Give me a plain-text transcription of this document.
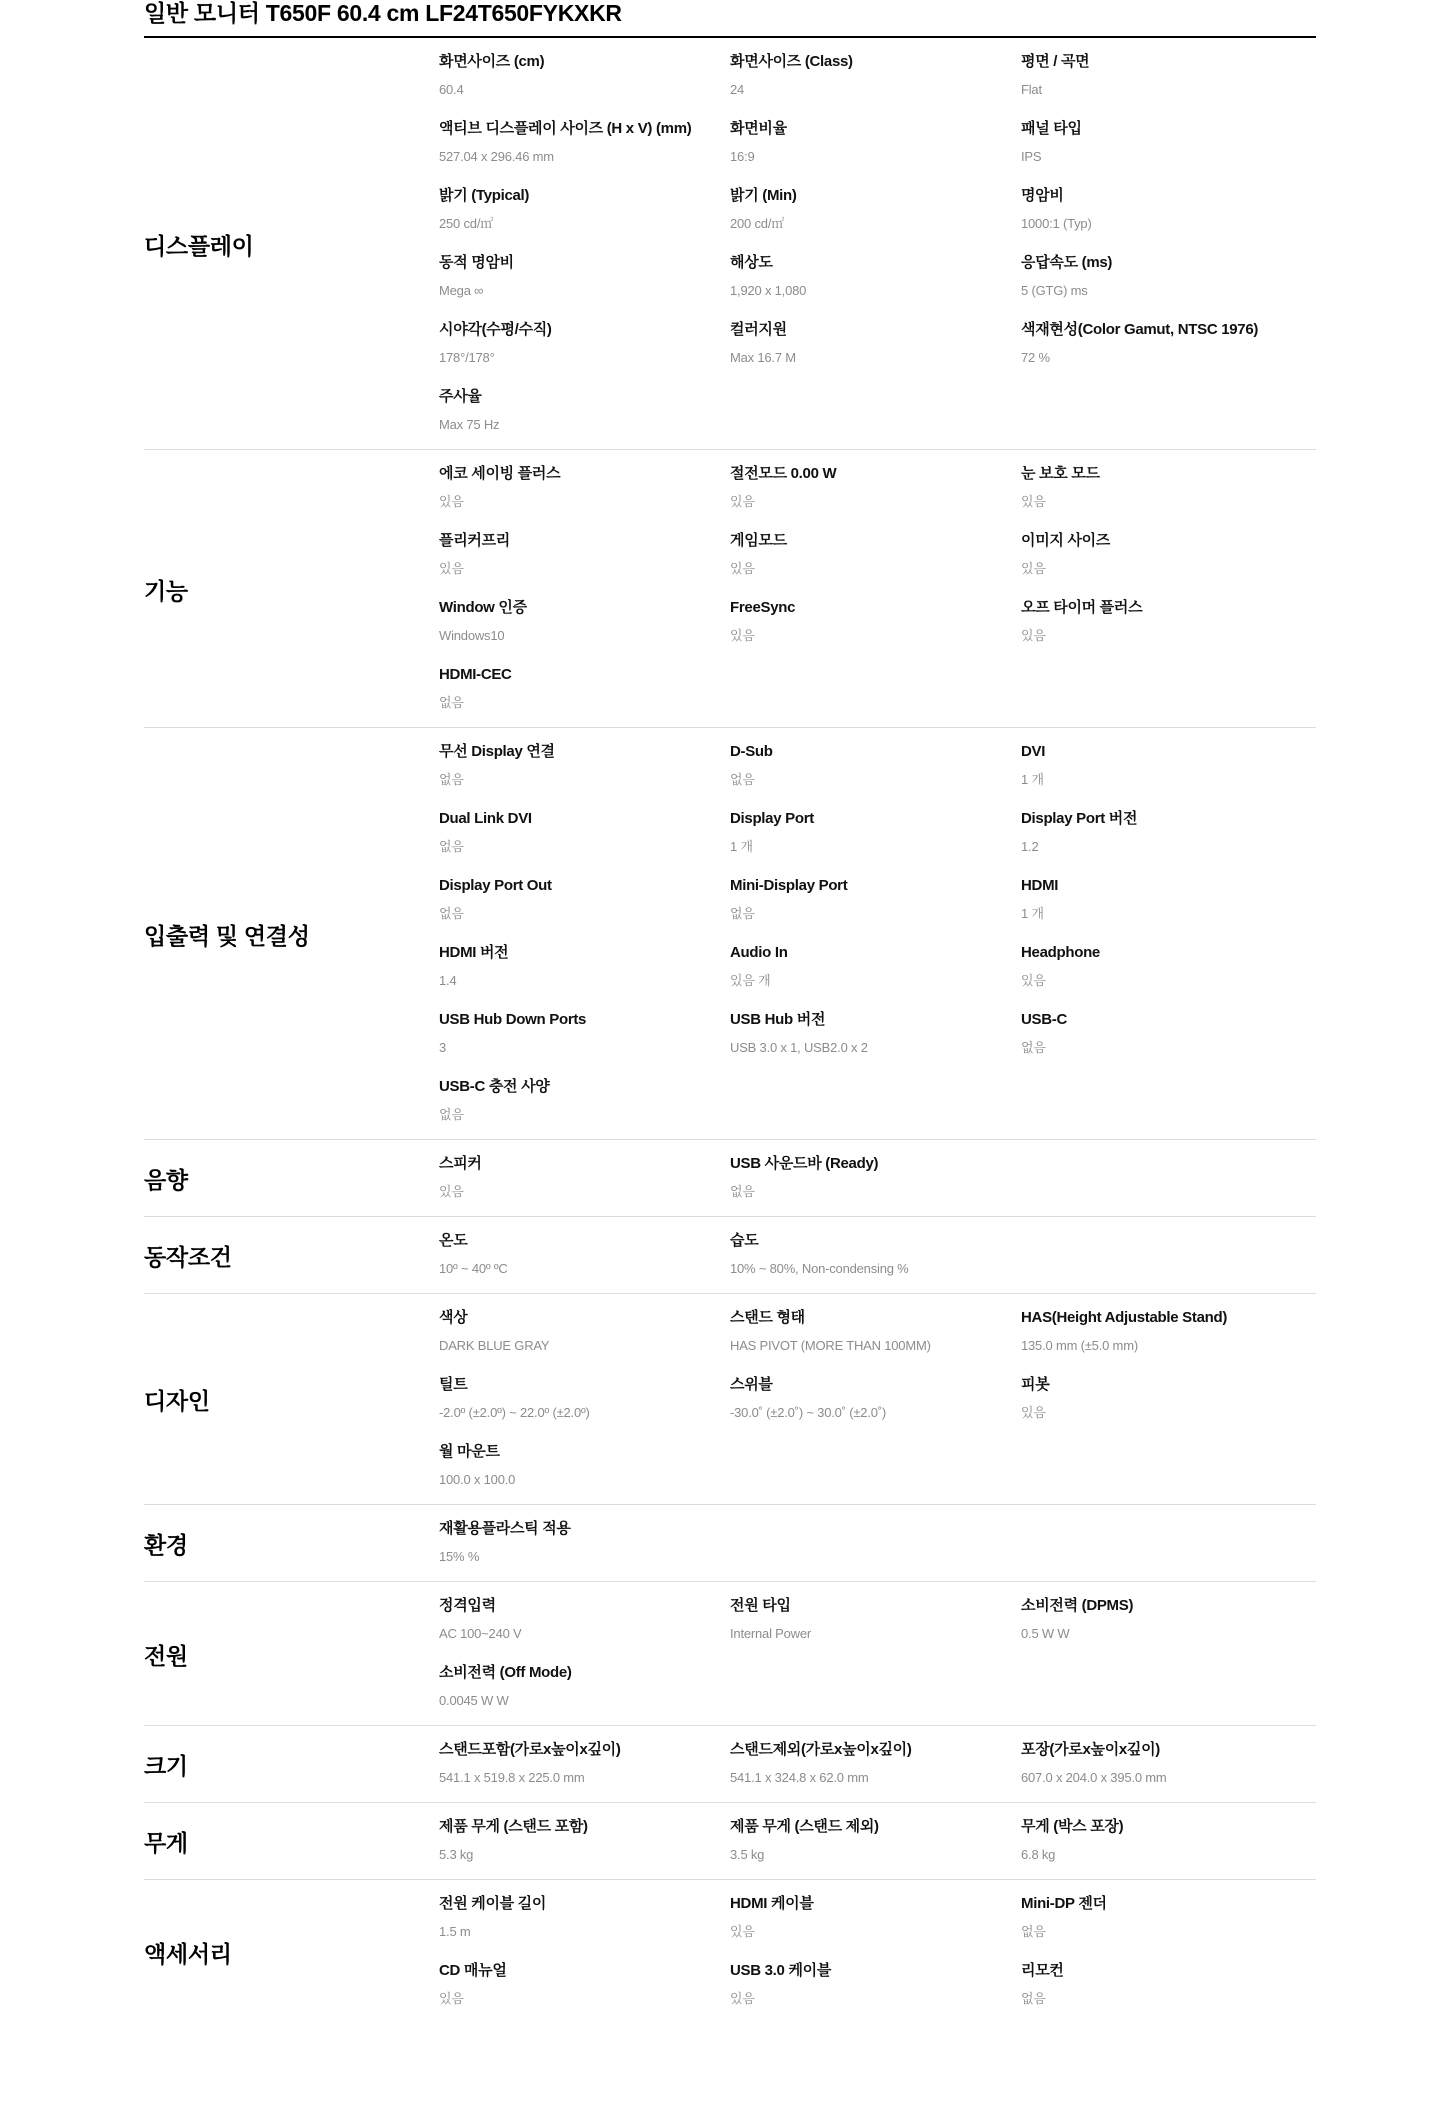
일반 모니터 T650F 60.4 cm LF24T650FYKXKR
디스플레이
화면사이즈 (cm)
60.4
화면사이즈 (Class)
24
평면 / 곡면
Flat
액티브 디스플레이 사이즈 (H x V) (mm)
527.04 x 296.46 mm
화면비율
16:9
패널 타입
IPS
밝기 (Typical)
250 cd/㎡
밝기 (Min)
200 cd/㎡
명암비
1000:1 (Typ)
동적 명암비
Mega ∞
해상도
1,920 x 1,080
응답속도 (ms)
5 (GTG) ms
시야각(수평/수직)
178°/178°
컬러지원
Max 16.7 M
색재현성(Color Gamut, NTSC 1976)
72 %
주사율
Max 75 Hz
기능
에코 세이빙 플러스
있음
절전모드 0.00 W
있음
눈 보호 모드
있음
플리커프리
있음
게임모드
있음
이미지 사이즈
있음
Window 인증
Windows10
FreeSync
있음
오프 타이머 플러스
있음
HDMI-CEC
없음
입출력 및 연결성
무선 Display 연결
없음
D-Sub
없음
DVI
1 개
Dual Link DVI
없음
Display Port
1 개
Display Port 버전
1.2
Display Port Out
없음
Mini-Display Port
없음
HDMI
1 개
HDMI 버전
1.4
Audio In
있음 개
Headphone
있음
USB Hub Down Ports
3
USB Hub 버전
USB 3.0 x 1, USB2.0 x 2
USB-C
없음
USB-C 충전 사양
없음
음향
스피커
있음
USB 사운드바 (Ready)
없음
동작조건
온도
10º ~ 40º ºC
습도
10% ~ 80%, Non-condensing %
디자인
색상
DARK BLUE GRAY
스탠드 형태
HAS PIVOT (MORE THAN 100MM)
HAS(Height Adjustable Stand)
135.0 mm (±5.0 mm)
틸트
-2.0º (±2.0º) ~ 22.0º (±2.0º)
스위블
-30.0˚ (±2.0˚) ~ 30.0˚ (±2.0˚)
피봇
있음
월 마운트
100.0 x 100.0
환경
재활용플라스틱 적용
15% %
전원
정격입력
AC 100~240 V
전원 타입
Internal Power
소비전력 (DPMS)
0.5 W W
소비전력 (Off Mode)
0.0045 W W
크기
스탠드포함(가로x높이x깊이)
541.1 x 519.8 x 225.0 mm
스탠드제외(가로x높이x깊이)
541.1 x 324.8 x 62.0 mm
포장(가로x높이x깊이)
607.0 x 204.0 x 395.0 mm
무게
제품 무게 (스탠드 포함)
5.3 kg
제품 무게 (스탠드 제외)
3.5 kg
무게 (박스 포장)
6.8 kg
액세서리
전원 케이블 길이
1.5 m
HDMI 케이블
있음
Mini-DP 젠더
없음
CD 매뉴얼
있음
USB 3.0 케이블
있음
리모컨
없음
